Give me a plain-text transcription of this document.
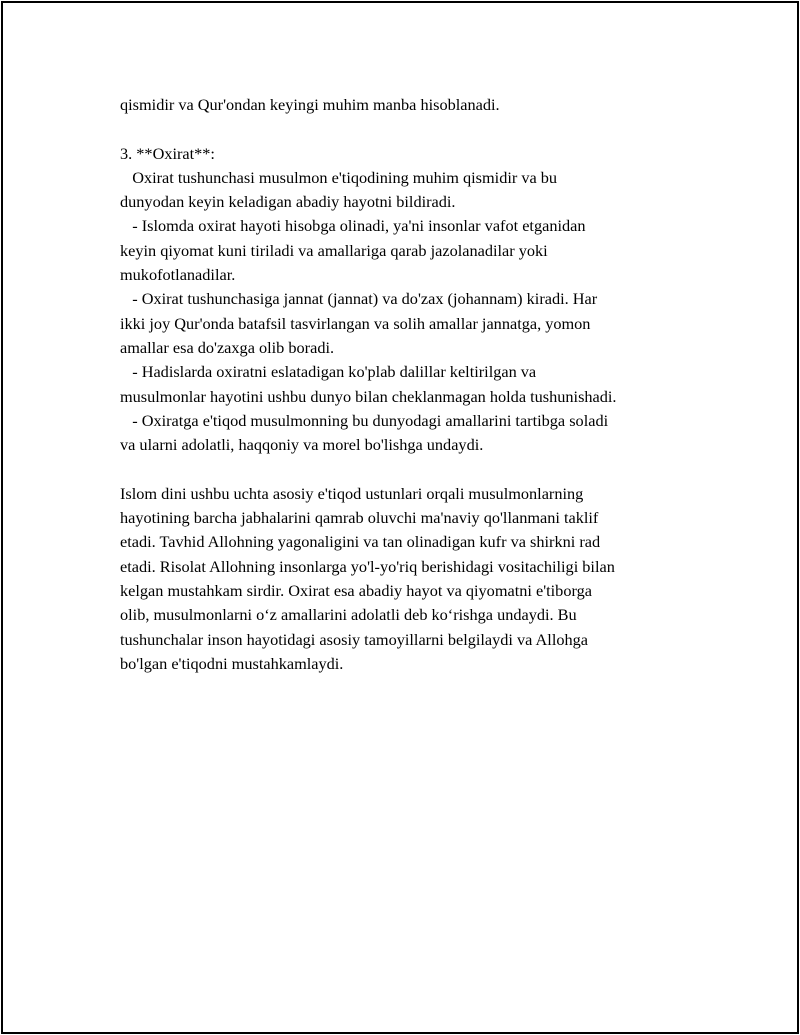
qismidir va Qur'ondan keyingi muhim manba hisoblanadi.
3. **Oxirat**:
Oxirat tushunchasi musulmon e'tiqodining muhim qismidir va bu
dunyodan keyin keladigan abadiy hayotni bildiradi.
- Islomda oxirat hayoti hisobga olinadi, ya'ni insonlar vafot etganidan
keyin qiyomat kuni tiriladi va amallariga qarab jazolanadilar yoki
mukofotlanadilar.
- Oxirat tushunchasiga jannat (jannat) va do'zax (johannam) kiradi. Har
ikki joy Qur'onda batafsil tasvirlangan va solih amallar jannatga, yomon
amallar esa do'zaxga olib boradi.
- Hadislarda oxiratni eslatadigan ko'plab dalillar keltirilgan va
musulmonlar hayotini ushbu dunyo bilan cheklanmagan holda tushunishadi.
- Oxiratga e'tiqod musulmonning bu dunyodagi amallarini tartibga soladi
va ularni adolatli, haqqoniy va morel bo'lishga undaydi.
Islom dini ushbu uchta asosiy e'tiqod ustunlari orqali musulmonlarning
hayotining barcha jabhalarini qamrab oluvchi ma'naviy qo'llanmani taklif
etadi. Tavhid Allohning yagonaligini va tan olinadigan kufr va shirkni rad
etadi. Risolat Allohning insonlarga yo'l-yo'riq berishidagi vositachiligi bilan
kelgan mustahkam sirdir. Oxirat esa abadiy hayot va qiyomatni e'tiborga
olib, musulmonlarni o‘z amallarini adolatli deb ko‘rishga undaydi. Bu
tushunchalar inson hayotidagi asosiy tamoyillarni belgilaydi va Allohga
bo'lgan e'tiqodni mustahkamlaydi.
